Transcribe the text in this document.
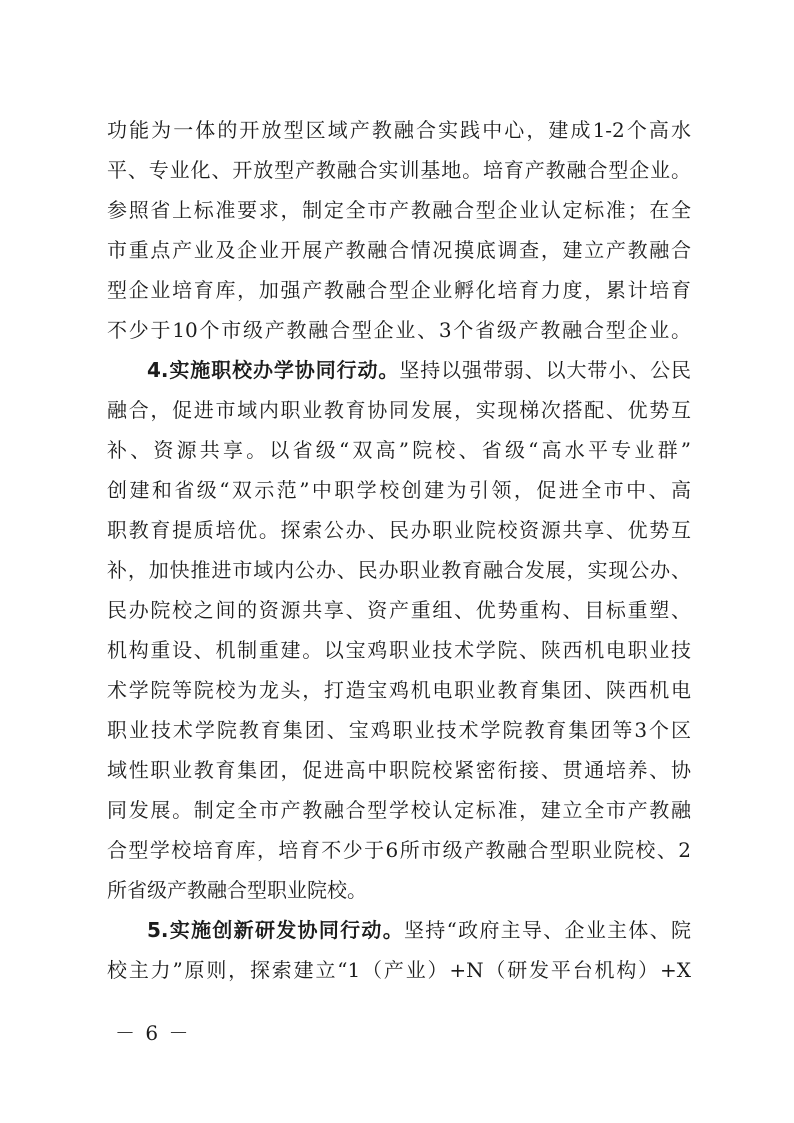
功能为一体的开放型区域产教融合实践中心，建成1-2个高水
平、专业化、开放型产教融合实训基地。培育产教融合型企业。
参照省上标准要求，制定全市产教融合型企业认定标准；在全
市重点产业及企业开展产教融合情况摸底调查，建立产教融合
型企业培育库，加强产教融合型企业孵化培育力度，累计培育
不少于10个市级产教融合型企业、3个省级产教融合型企业。
4.实施职校办学协同行动。坚持以强带弱、以大带小、公民
融合，促进市域内职业教育协同发展，实现梯次搭配、优势互
补、资源共享。以省级“双高”院校、省级“高水平专业群”
创建和省级“双示范”中职学校创建为引领，促进全市中、高
职教育提质培优。探索公办、民办职业院校资源共享、优势互
补，加快推进市域内公办、民办职业教育融合发展，实现公办、
民办院校之间的资源共享、资产重组、优势重构、目标重塑、
机构重设、机制重建。以宝鸡职业技术学院、陕西机电职业技
术学院等院校为龙头，打造宝鸡机电职业教育集团、陕西机电
职业技术学院教育集团、宝鸡职业技术学院教育集团等3个区
域性职业教育集团，促进高中职院校紧密衔接、贯通培养、协
同发展。制定全市产教融合型学校认定标准，建立全市产教融
合型学校培育库，培育不少于6所市级产教融合型职业院校、2
所省级产教融合型职业院校。
5.实施创新研发协同行动。坚持“政府主导、企业主体、院
校主力”原则，探索建立“1（产业）+N（研发平台机构）+X
－ 6 －
